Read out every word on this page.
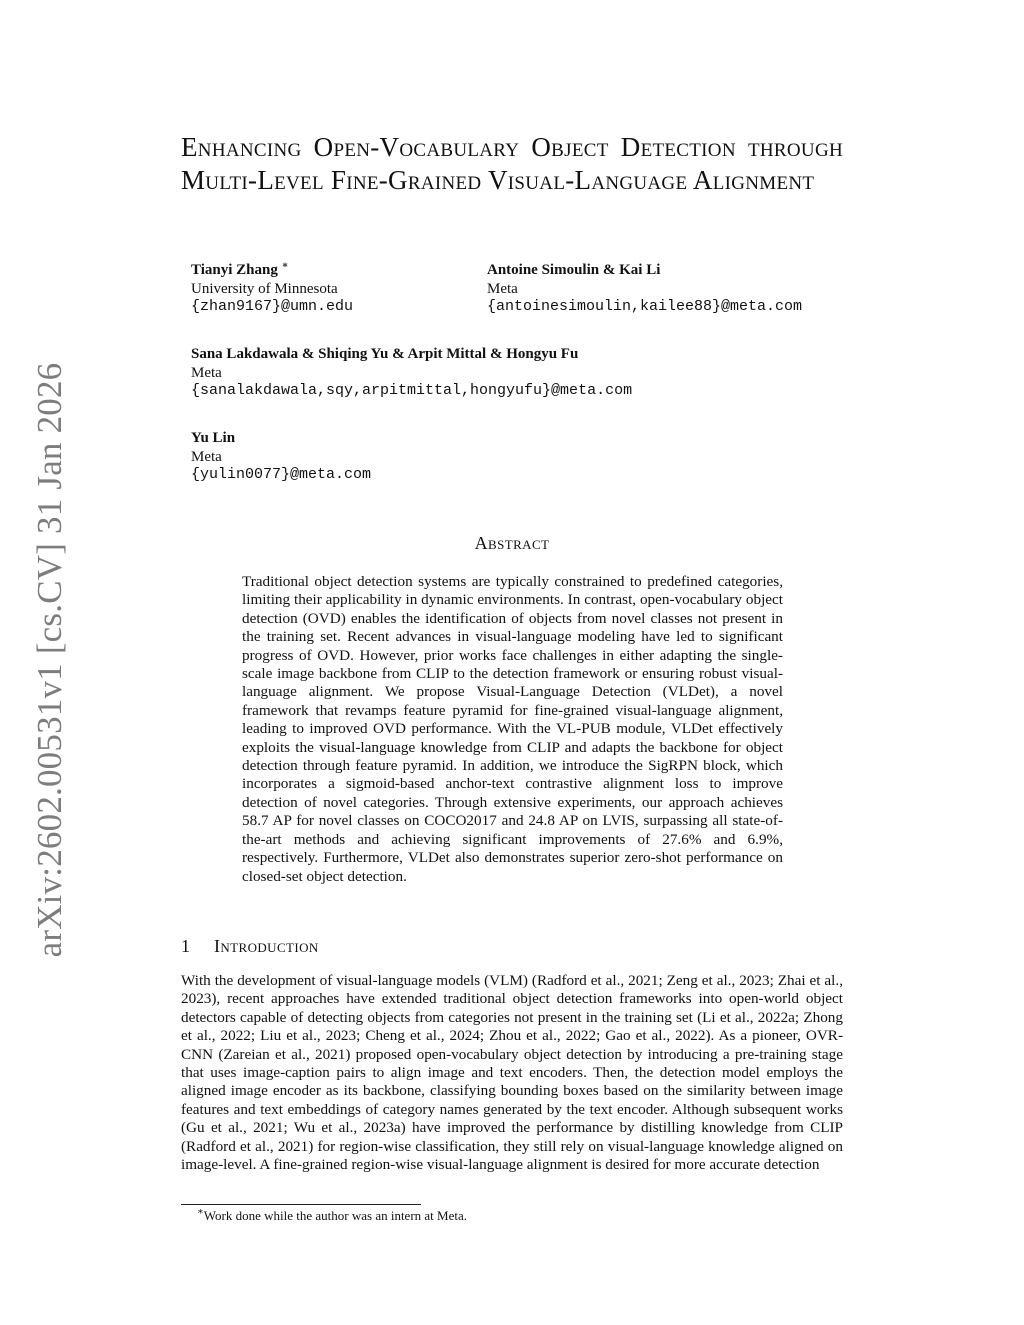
arXiv:2602.00531v1 [cs.CV] 31 Jan 2026
Enhancing Open-Vocabulary Object Detection through Multi-Level Fine-Grained Visual-Language Alignment
Tianyi Zhang ∗
University of Minnesota
{zhan9167}@umn.edu
Antoine Simoulin & Kai Li
Meta
{antoinesimoulin,kailee88}@meta.com
Sana Lakdawala & Shiqing Yu & Arpit Mittal & Hongyu Fu
Meta
{sanalakdawala,sqy,arpitmittal,hongyufu}@meta.com
Yu Lin
Meta
{yulin0077}@meta.com
Abstract
Traditional object detection systems are typically constrained to predefined categories, limiting their applicability in dynamic environments. In contrast, open-vocabulary object detection (OVD) enables the identification of objects from novel classes not present in the training set. Recent advances in visual-language modeling have led to significant progress of OVD. However, prior works face challenges in either adapting the single-scale image backbone from CLIP to the detection framework or ensuring robust visual-language alignment. We propose Visual-Language Detection (VLDet), a novel framework that revamps feature pyramid for fine-grained visual-language alignment, leading to improved OVD performance. With the VL-PUB module, VLDet effectively exploits the visual-language knowledge from CLIP and adapts the backbone for object detection through feature pyramid. In addition, we introduce the SigRPN block, which incorporates a sigmoid-based anchor-text contrastive alignment loss to improve detection of novel categories. Through extensive experiments, our approach achieves 58.7 AP for novel classes on COCO2017 and 24.8 AP on LVIS, surpassing all state-of-the-art methods and achieving significant improvements of 27.6% and 6.9%, respectively. Furthermore, VLDet also demonstrates superior zero-shot performance on closed-set object detection.
1 Introduction
With the development of visual-language models (VLM) (Radford et al., 2021; Zeng et al., 2023; Zhai et al., 2023), recent approaches have extended traditional object detection frameworks into open-world object detectors capable of detecting objects from categories not present in the training set (Li et al., 2022a; Zhong et al., 2022; Liu et al., 2023; Cheng et al., 2024; Zhou et al., 2022; Gao et al., 2022). As a pioneer, OVR-CNN (Zareian et al., 2021) proposed open-vocabulary object detection by introducing a pre-training stage that uses image-caption pairs to align image and text encoders. Then, the detection model employs the aligned image encoder as its backbone, classifying bounding boxes based on the similarity between image features and text embeddings of category names generated by the text encoder. Although subsequent works (Gu et al., 2021; Wu et al., 2023a) have improved the performance by distilling knowledge from CLIP (Radford et al., 2021) for region-wise classification, they still rely on visual-language knowledge aligned on image-level. A fine-grained region-wise visual-language alignment is desired for more accurate detection
∗Work done while the author was an intern at Meta.
